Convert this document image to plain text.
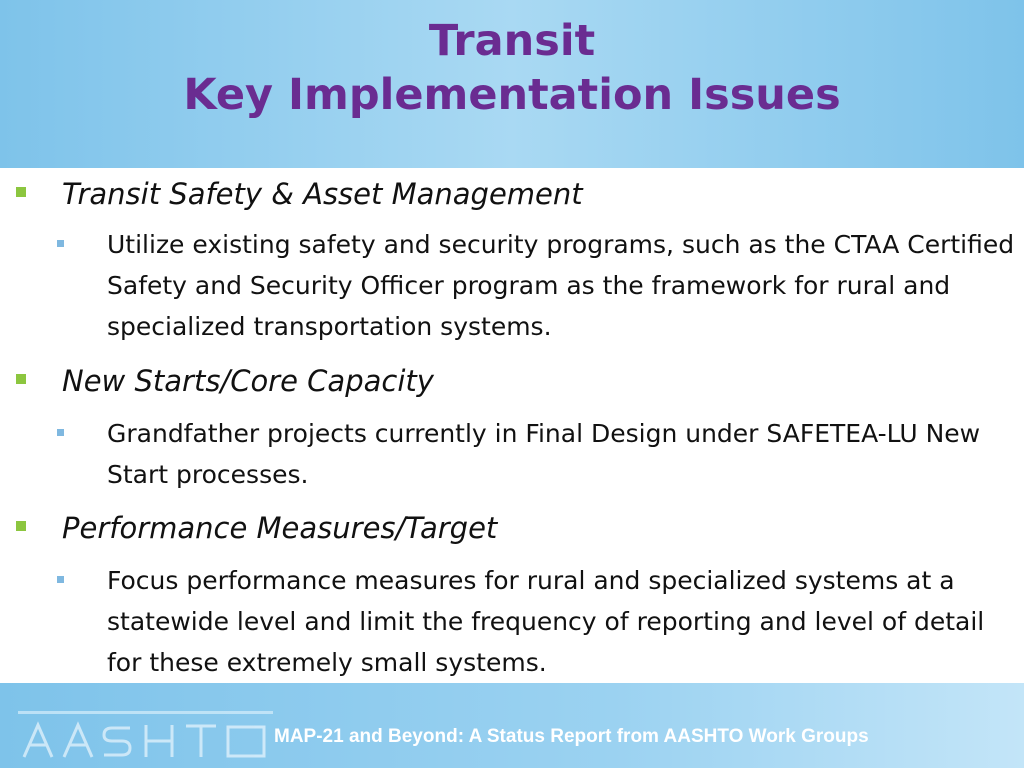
Transit
Key Implementation Issues
Transit Safety & Asset Management
Utilize existing safety and security programs, such as the CTAA Certified Safety and Security Officer program as the framework for rural and specialized transportation systems.
New Starts/Core Capacity
Grandfather projects currently in Final Design under SAFETEA-LU New Start processes.
Performance Measures/Target
Focus performance measures for rural and specialized systems at a statewide level and limit the frequency of reporting and level of detail for these extremely small systems.
MAP-21 and Beyond: A Status Report from AASHTO Work Groups
